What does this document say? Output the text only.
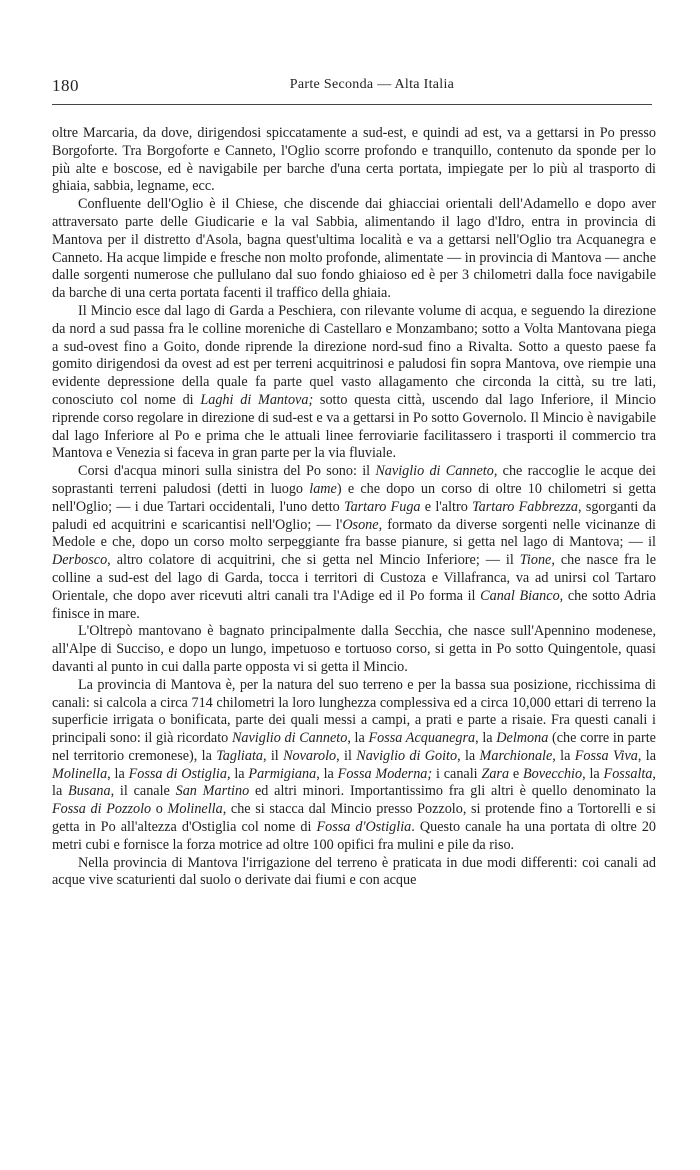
180	Parte Seconda — Alta Italia

oltre Marcaria, da dove, dirigendosi spiccatamente a sud-est, e quindi ad est, va a gettarsi in Po presso Borgoforte. Tra Borgoforte e Canneto, l'Oglio scorre profondo e tranquillo, contenuto da sponde per lo più alte e boscose, ed è navigabile per barche d'una certa portata, impiegate per lo più al trasporto di ghiaia, sabbia, legname, ecc.

Confluente dell'Oglio è il Chiese, che discende dai ghiacciai orientali dell'Adamello e dopo aver attraversato parte delle Giudicarie e la val Sabbia, alimentando il lago d'Idro, entra in provincia di Mantova per il distretto d'Asola, bagna quest'ultima località e va a gettarsi nell'Oglio tra Acquanegra e Canneto. Ha acque limpide e fresche non molto profonde, alimentate — in provincia di Mantova — anche dalle sorgenti numerose che pullulano dal suo fondo ghiaioso ed è per 3 chilometri dalla foce navigabile da barche di una certa portata facenti il traffico della ghiaia.

Il Mincio esce dal lago di Garda a Peschiera, con rilevante volume di acqua, e seguendo la direzione da nord a sud passa fra le colline moreniche di Castellaro e Monzambano; sotto a Volta Mantovana piega a sud-ovest fino a Goito, donde riprende la direzione nord-sud fino a Rivalta. Sotto a questo paese fa gomito dirigendosi da ovest ad est per terreni acquitrinosi e paludosi fin sopra Mantova, ove riempie una evidente depressione della quale fa parte quel vasto allagamento che circonda la città, su tre lati, conosciuto col nome di Laghi di Mantova; sotto questa città, uscendo dal lago Inferiore, il Mincio riprende corso regolare in direzione di sud-est e va a gettarsi in Po sotto Governolo. Il Mincio è navigabile dal lago Inferiore al Po e prima che le attuali linee ferroviarie facilitassero i trasporti il commercio tra Mantova e Venezia si faceva in gran parte per la via fluviale.

Corsi d'acqua minori sulla sinistra del Po sono: il Naviglio di Canneto, che raccoglie le acque dei soprastanti terreni paludosi (detti in luogo lame) e che dopo un corso di oltre 10 chilometri si getta nell'Oglio; — i due Tartari occidentali, l'uno detto Tartaro Fuga e l'altro Tartaro Fabbrezza, sgorganti da paludi ed acquitrini e scaricantisi nell'Oglio; — l'Osone, formato da diverse sorgenti nelle vicinanze di Medole e che, dopo un corso molto serpeggiante fra basse pianure, si getta nel lago di Mantova; — il Derbosco, altro colatore di acquitrini, che si getta nel Mincio Inferiore; — il Tione, che nasce fra le colline a sud-est del lago di Garda, tocca i territori di Custoza e Villafranca, va ad unirsi col Tartaro Orientale, che dopo aver ricevuti altri canali tra l'Adige ed il Po forma il Canal Bianco, che sotto Adria finisce in mare.

L'Oltrepò mantovano è bagnato principalmente dalla Secchia, che nasce sull'Apennino modenese, all'Alpe di Succiso, e dopo un lungo, impetuoso e tortuoso corso, si getta in Po sotto Quingentole, quasi davanti al punto in cui dalla parte opposta vi si getta il Mincio.

La provincia di Mantova è, per la natura del suo terreno e per la bassa sua posizione, ricchissima di canali: si calcola a circa 714 chilometri la loro lunghezza complessiva ed a circa 10,000 ettari di terreno la superficie irrigata o bonificata, parte dei quali messi a campi, a prati e parte a risaie. Fra questi canali i principali sono: il già ricordato Naviglio di Canneto, la Fossa Acquanegra, la Delmona (che corre in parte nel territorio cremonese), la Tagliata, il Novarolo, il Naviglio di Goito, la Marchionale, la Fossa Viva, la Molinella, la Fossa di Ostiglia, la Parmigiana, la Fossa Moderna; i canali Zara e Bovecchio, la Fossalta, la Busana, il canale San Martino ed altri minori. Importantissimo fra gli altri è quello denominato la Fossa di Pozzolo o Molinella, che si stacca dal Mincio presso Pozzolo, si protende fino a Tortorelli e si getta in Po all'altezza d'Ostiglia col nome di Fossa d'Ostiglia. Questo canale ha una portata di oltre 20 metri cubi e fornisce la forza motrice ad oltre 100 opifici fra mulini e pile da riso.

Nella provincia di Mantova l'irrigazione del terreno è praticata in due modi differenti: coi canali ad acque vive scaturienti dal suolo o derivate dai fiumi e con acque
